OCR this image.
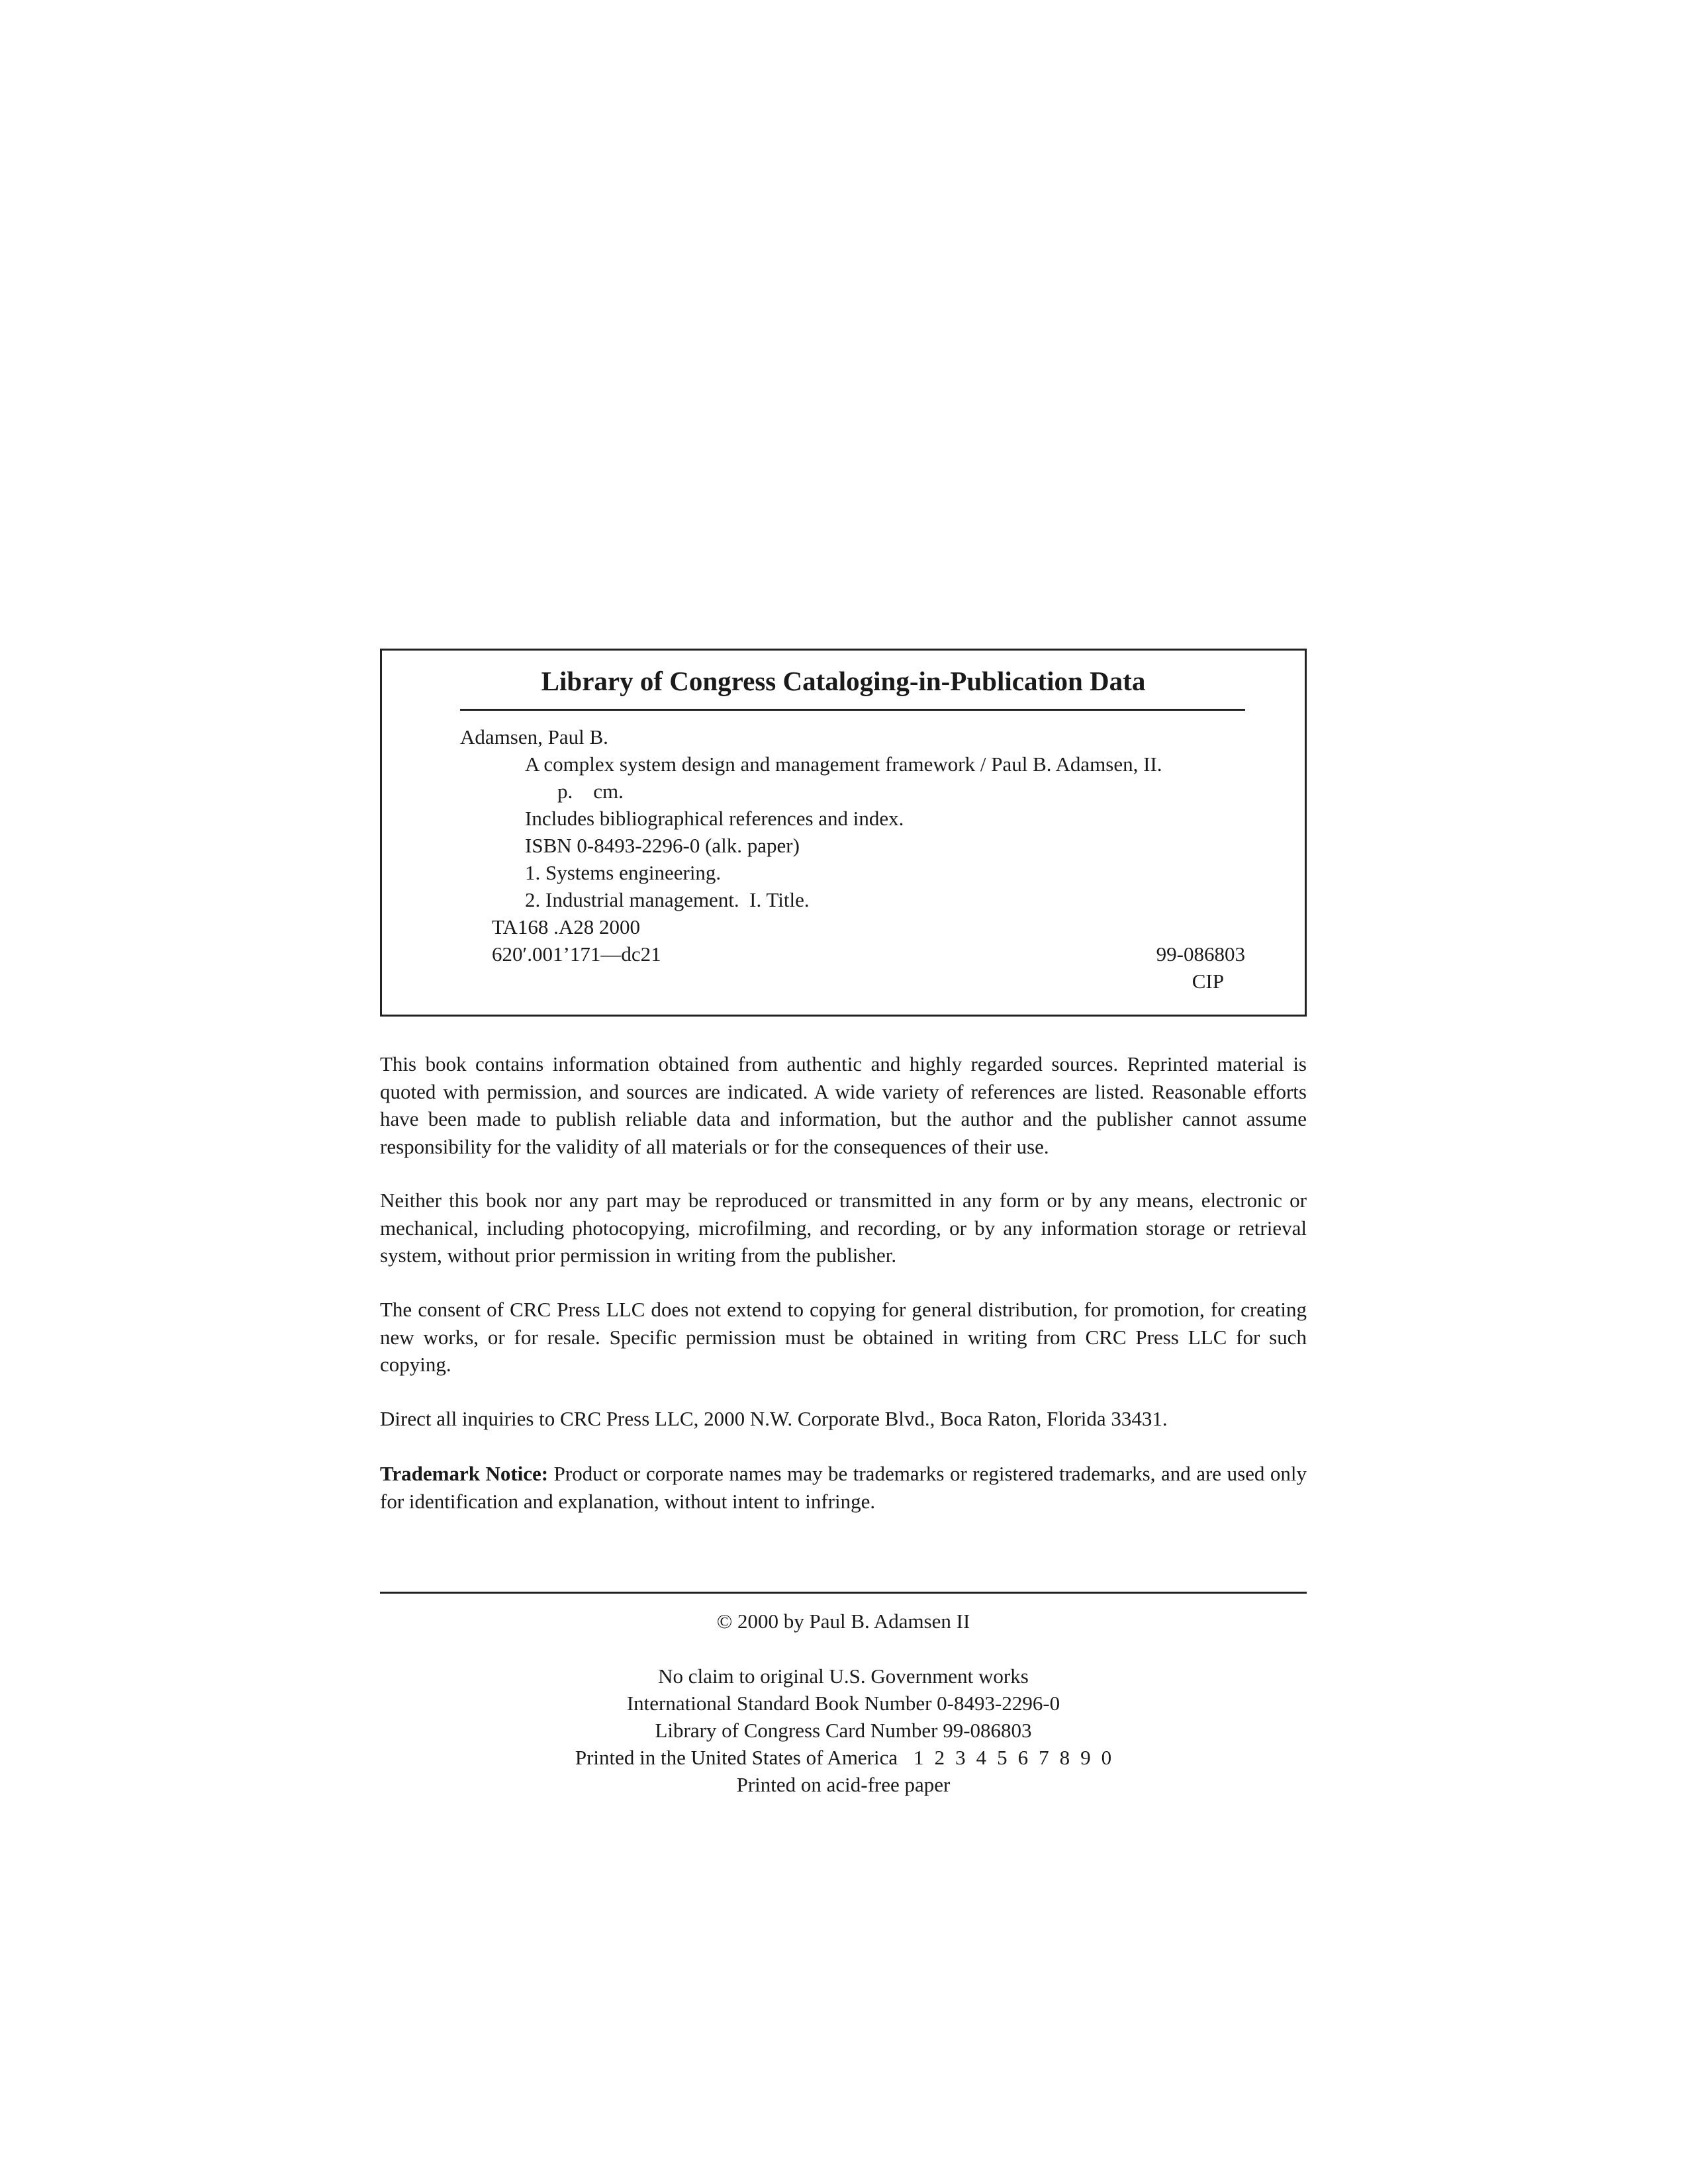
Library of Congress Cataloging-in-Publication Data
Adamsen, Paul B.
A complex system design and management framework / Paul B. Adamsen, II.
p.    cm.
Includes bibliographical references and index.
ISBN 0-8493-2296-0 (alk. paper)
1. Systems engineering.
2. Industrial management.  I. Title.
TA168 .A28 2000
620′.001’171—dc21	99-086803
CIP
This book contains information obtained from authentic and highly regarded sources. Reprinted material is quoted with permission, and sources are indicated. A wide variety of references are listed. Reasonable efforts have been made to publish reliable data and information, but the author and the publisher cannot assume responsibility for the validity of all materials or for the consequences of their use.
Neither this book nor any part may be reproduced or transmitted in any form or by any means, electronic or mechanical, including photocopying, microfilming, and recording, or by any information storage or retrieval system, without prior permission in writing from the publisher.
The consent of CRC Press LLC does not extend to copying for general distribution, for promotion, for creating new works, or for resale. Specific permission must be obtained in writing from CRC Press LLC for such copying.
Direct all inquiries to CRC Press LLC, 2000 N.W. Corporate Blvd., Boca Raton, Florida 33431.
Trademark Notice: Product or corporate names may be trademarks or registered trademarks, and are used only for identification and explanation, without intent to infringe.
© 2000 by Paul B. Adamsen II
No claim to original U.S. Government works
International Standard Book Number 0-8493-2296-0
Library of Congress Card Number 99-086803
Printed in the United States of America 1 2 3 4 5 6 7 8 9 0
Printed on acid-free paper
